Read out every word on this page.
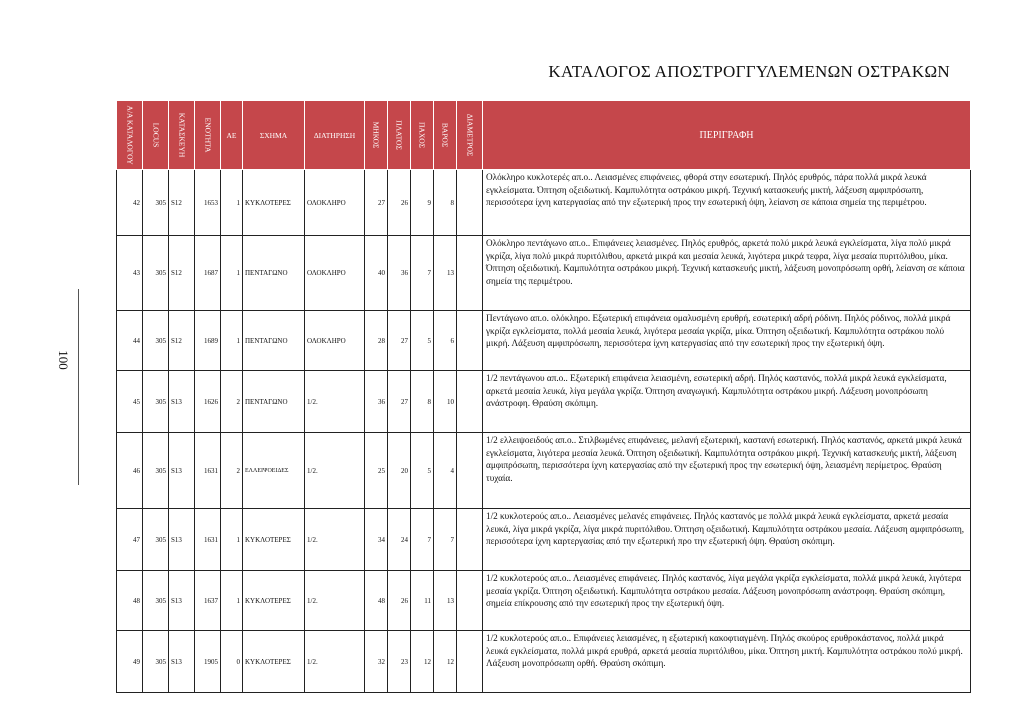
ΚΑΤΑΛΟΓΟΣ ΑΠΟΣΤΡΟΓΓΥΛΕΜΕΝΩΝ ΟΣΤΡΑΚΩΝ
100
Α/Α ΚΑΤΑΛΟΓΟΥ	LOCUS	ΚΑΤΑΣΚΕΥΗ	ΕΝΟΤΗΤΑ	ΑΕ	ΣΧΗΜΑ	ΔΙΑΤΗΡΗΣΗ	ΜΗΚΟΣ	ΠΛΑΤΟΣ	ΠΑΧΟΣ	ΒΑΡΟΣ	ΔΙΑΜΕΤΡΟΣ	ΠΕΡΙΓΡΑΦΗ
42	305	S12	1653	1	ΚΥΚΛΟΤΕΡΕΣ	ΟΛΟΚΛΗΡΟ	27	26	9	8		Ολόκληρο κυκλοτερές απ.ο.. Λειασμένες επιφάνειες, φθορά στην εσωτερική. Πηλός ερυθρός, πάρα πολλά μικρά λευκά εγκλείσματα. Όπτηση οξειδωτική. Καμπυλότητα οστράκου μικρή. Τεχνική κατασκευής μικτή, λάξευση αμφιπρόσωπη, περισσότερα ίχνη κατεργασίας από την εξωτερική προς την εσωτερική όψη, λείανση σε κάποια σημεία της περιμέτρου.
43	305	S12	1687	1	ΠΕΝΤΑΓΩΝΟ	ΟΛΟΚΛΗΡΟ	40	36	7	13		Ολόκληρο πεντάγωνο απ.ο.. Επιφάνειες λειασμένες. Πηλός ερυθρός, αρκετά πολύ μικρά λευκά εγκλείσματα, λίγα πολύ μικρά γκρίζα, λίγα πολύ μικρά πυριτόλιθου, αρκετά μικρά και μεσαία λευκά, λιγότερα μικρά τεφρα, λίγα μεσαία πυριτόλιθου, μίκα. Όπτηση οξειδωτική. Καμπυλότητα οστράκου μικρή. Τεχνική κατασκευής μικτή, λάξευση μονοπρόσωπη ορθή, λείανση σε κάποια σημεία της περιμέτρου.
44	305	S12	1689	1	ΠΕΝΤΑΓΩΝΟ	ΟΛΟΚΛΗΡΟ	28	27	5	6		Πεντάγωνο απ.ο. ολόκληρο. Εξωτερική επιφάνεια ομαλυσμένη ερυθρή, εσωτερική αδρή ρόδινη. Πηλός ρόδινος, πολλά μικρά γκρίζα εγκλείσματα, πολλά μεσαία λευκά, λιγότερα μεσαία γκρίζα, μίκα. Όπτηση οξειδωτική. Καμπυλότητα οστράκου πολύ μικρή. Λάξευση αμφιπρόσωπη, περισσότερα ίχνη κατεργασίας από την εσωτερική προς την εξωτερική όψη.
45	305	S13	1626	2	ΠΕΝΤΑΓΩΝΟ	1/2.	36	27	8	10		1/2 πεντάγωνου απ.ο.. Εξωτερική επιφάνεια λειασμένη, εσωτερική αδρή. Πηλός καστανός, πολλά μικρά λευκά εγκλείσματα, αρκετά μεσαία λευκά, λίγα μεγάλα γκρίζα. Όπτηση αναγωγική. Καμπυλότητα οστράκου μικρή. Λάξευση μονοπρόσωπη ανάστροφη. Θραύση σκόπιμη.
46	305	S13	1631	2	ΕΛΛΕΙΨΟΕΙΔΕΣ	1/2.	25	20	5	4		1/2 ελλειψοειδούς απ.ο.. Στιλβωμένες επιφάνειες, μελανή εξωτερική, καστανή εσωτερική. Πηλός καστανός, αρκετά μικρά λευκά εγκλείσματα, λιγότερα μεσαία λευκά. Όπτηση οξειδωτική. Καμπυλότητα οστράκου μικρή. Τεχνική κατασκευής μικτή, λάξευση αμφιπρόσωπη, περισσότερα ίχνη κατεργασίας από την εξωτερική προς την εσωτερική όψη, λειασμένη περίμετρος. Θραύση τυχαία.
47	305	S13	1631	1	ΚΥΚΛΟΤΕΡΕΣ	1/2.	34	24	7	7		1/2 κυκλοτερούς απ.ο.. Λειασμένες μελανές επιφάνειες. Πηλός καστανός με πολλά μικρά λευκά εγκλείσματα, αρκετά μεσαία λευκά, λίγα μικρά γκρίζα, λίγα μικρά πυριτόλιθου. Όπτηση οξειδωτική. Καμπυλότητα οστράκου μεσαία. Λάξευση αμφιπρόσωπη, περισσότερα ίχνη καρτεργασίας από την εξωτερική προ την εξωτερική όψη. Θραύση σκόπιμη.
48	305	S13	1637	1	ΚΥΚΛΟΤΕΡΕΣ	1/2.	48	26	11	13		1/2 κυκλοτερούς απ.ο.. Λειασμένες επιφάνειες. Πηλός καστανός, λίγα μεγάλα γκρίζα εγκλείσματα, πολλά μικρά λευκά, λιγότερα μεσαία γκρίζα. Όπτηση οξειδωτική. Καμπυλότητα οστράκου μεσαία. Λάξευση μονοπρόσωπη ανάστροφη. Θραύση σκόπιμη, σημεία επίκρουσης από την εσωτερική προς την εξωτερική όψη.
49	305	S13	1905	0	ΚΥΚΛΟΤΕΡΕΣ	1/2.	32	23	12	12		1/2 κυκλοτερούς απ.ο.. Επιφάνειες λειασμένες, η εξωτερική κακοφτιαγμένη. Πηλός σκούρος ερυθροκάστανος, πολλά μικρά λευκά εγκλείσματα, πολλά μικρά ερυθρά, αρκετά μεσαία πυριτόλιθου, μίκα. Όπτηση μικτή. Καμπυλότητα οστράκου πολύ μικρή. Λάξευση μονοπρόσωπη ορθή. Θραύση σκόπιμη.
